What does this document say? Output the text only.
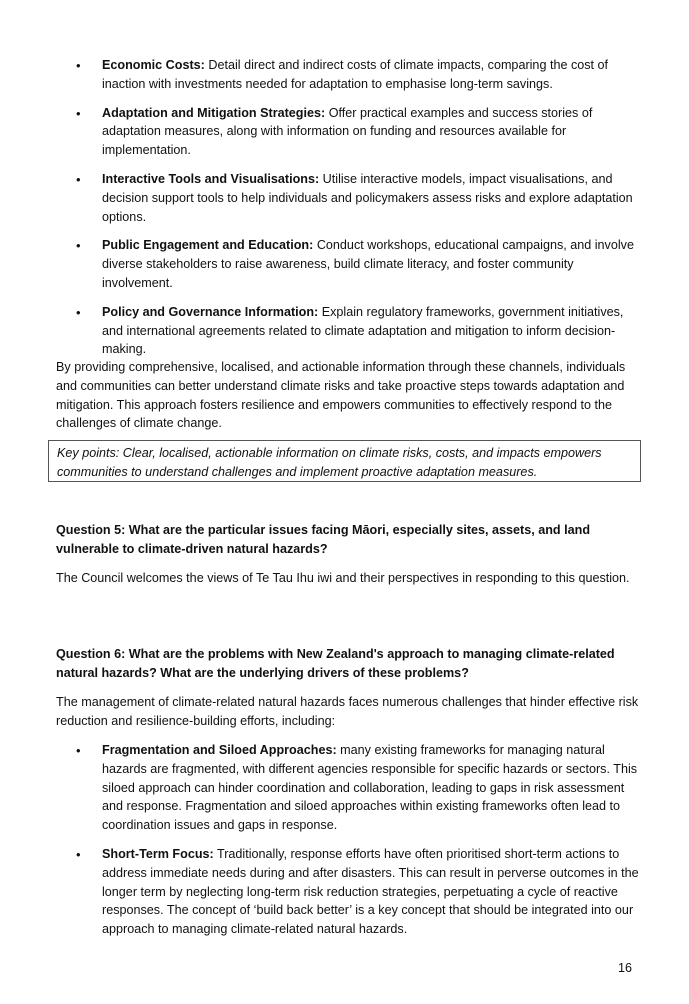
• Economic Costs: Detail direct and indirect costs of climate impacts, comparing the cost of inaction with investments needed for adaptation to emphasise long-term savings.
• Adaptation and Mitigation Strategies: Offer practical examples and success stories of adaptation measures, along with information on funding and resources available for implementation.
• Interactive Tools and Visualisations: Utilise interactive models, impact visualisations, and decision support tools to help individuals and policymakers assess risks and explore adaptation options.
• Public Engagement and Education: Conduct workshops, educational campaigns, and involve diverse stakeholders to raise awareness, build climate literacy, and foster community involvement.
• Policy and Governance Information: Explain regulatory frameworks, government initiatives, and international agreements related to climate adaptation and mitigation to inform decision-making.

By providing comprehensive, localised, and actionable information through these channels, individuals and communities can better understand climate risks and take proactive steps towards adaptation and mitigation. This approach fosters resilience and empowers communities to effectively respond to the challenges of climate change.

Key points: Clear, localised, actionable information on climate risks, costs, and impacts empowers communities to understand challenges and implement proactive adaptation measures.

Question 5: What are the particular issues facing Māori, especially sites, assets, and land vulnerable to climate-driven natural hazards?

The Council welcomes the views of Te Tau Ihu iwi and their perspectives in responding to this question.

Question 6: What are the problems with New Zealand's approach to managing climate-related natural hazards? What are the underlying drivers of these problems?

The management of climate-related natural hazards faces numerous challenges that hinder effective risk reduction and resilience-building efforts, including:

• Fragmentation and Siloed Approaches: many existing frameworks for managing natural hazards are fragmented, with different agencies responsible for specific hazards or sectors. This siloed approach can hinder coordination and collaboration, leading to gaps in risk assessment and response. Fragmentation and siloed approaches within existing frameworks often lead to coordination issues and gaps in response.
• Short-Term Focus: Traditionally, response efforts have often prioritised short-term actions to address immediate needs during and after disasters. This can result in perverse outcomes in the longer term by neglecting long-term risk reduction strategies, perpetuating a cycle of reactive responses. The concept of ‘build back better’ is a key concept that should be integrated into our approach to managing climate-related natural hazards.
16
